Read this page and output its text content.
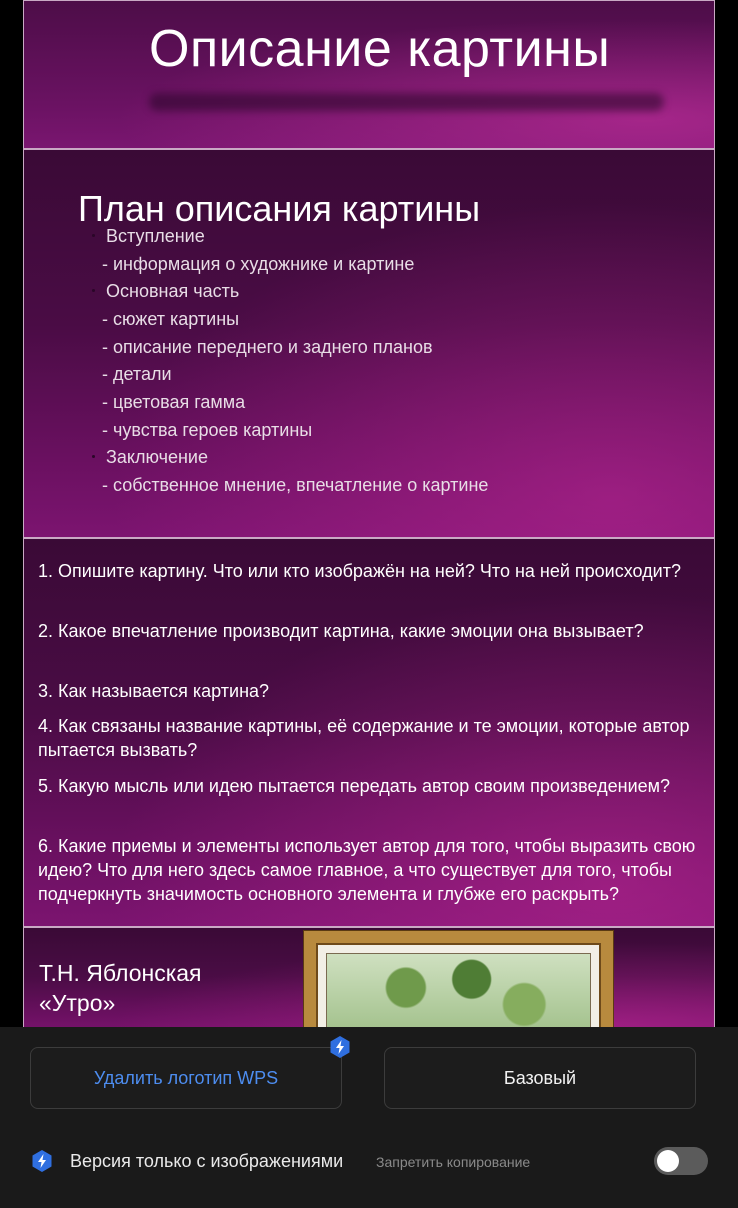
Описание картины
План описания картины
Вступление
- информация о художнике и картине
Основная часть
- сюжет картины
- описание переднего и заднего планов
- детали
- цветовая гамма
- чувства героев картины
Заключение
- собственное мнение, впечатление о картине
1. Опишите картину. Что или кто изображён на ней? Что на ней происходит?
2. Какое впечатление производит картина, какие эмоции она вызывает?
3. Как называется картина?
4. Как связаны название картины, её содержание и те эмоции, которые автор пытается вызвать?
5. Какую мысль или идею пытается передать автор своим произведением?
6. Какие приемы и элементы использует автор для того, чтобы выразить свою идею? Что для него здесь самое главное, а что существует для того, чтобы подчеркнуть значимость основного элемента и глубже его раскрыть?
Т.Н. Яблонская
«Утро»
Удалить логотип WPS	Базовый
Версия только с изображениями Запретить копирование
